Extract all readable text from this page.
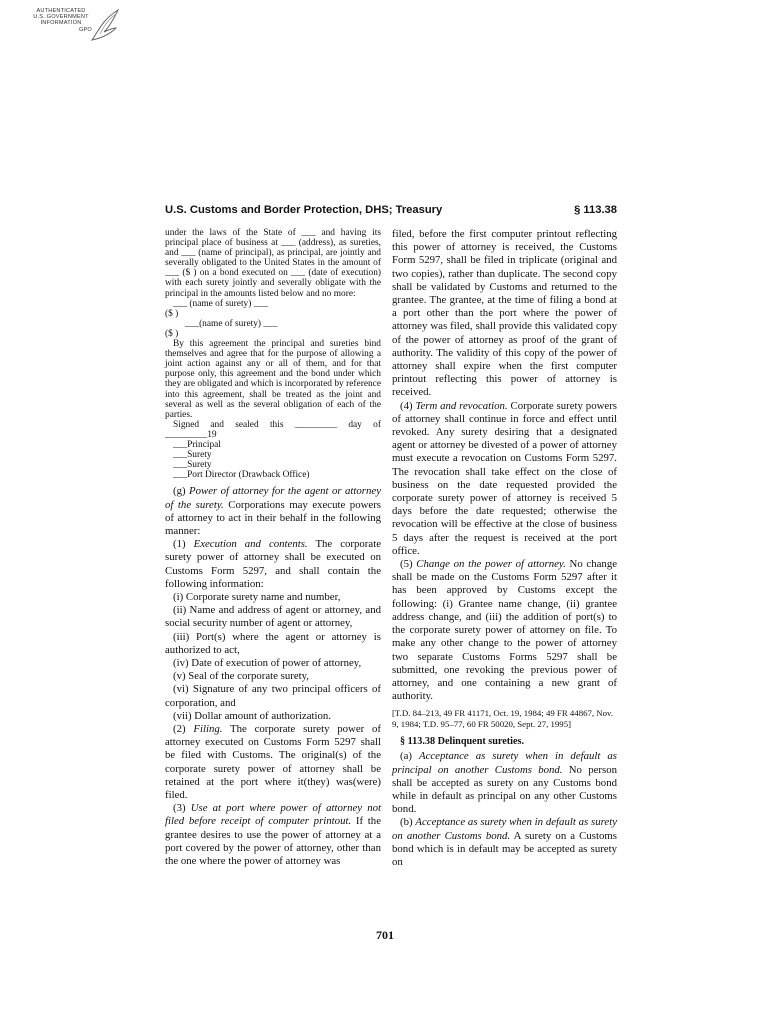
AUTHENTICATED
U.S. GOVERNMENT
INFORMATION
GPO
U.S. Customs and Border Protection, DHS; Treasury	§ 113.38

under the laws of the State of ___ and having its principal place of business at ___ (address), as sureties, and ___ (name of principal), as principal, are jointly and severally obligated to the United States in the amount of ___ ($ ) on a bond executed on ___ (date of execution) with each surety jointly and severally obligate with the principal in the amounts listed below and no more:

___ (name of surety) ___

($ )

___(name of surety) ___

($ )

By this agreement the principal and sureties bind themselves and agree that for the purpose of allowing a joint action against any or all of them, and for that purpose only, this agreement and the bond under which they are obligated and which is incorporated by reference into this agreement, shall be treated as the joint and several as well as the several obligation of each of the parties.

Signed and sealed this _________ day of _________19

___Principal

___Surety

___Surety

___Port Director (Drawback Office)

(g) Power of attorney for the agent or attorney of the surety. Corporations may execute powers of attorney to act in their behalf in the following manner:

(1) Execution and contents. The corporate surety power of attorney shall be executed on Customs Form 5297, and shall contain the following information:

(i) Corporate surety name and number,

(ii) Name and address of agent or attorney, and social security number of agent or attorney,

(iii) Port(s) where the agent or attorney is authorized to act,

(iv) Date of execution of power of attorney,

(v) Seal of the corporate surety,

(vi) Signature of any two principal officers of corporation, and

(vii) Dollar amount of authorization.

(2) Filing. The corporate surety power of attorney executed on Customs Form 5297 shall be filed with Customs. The original(s) of the corporate surety power of attorney shall be retained at the port where it(they) was(were) filed.

(3) Use at port where power of attorney not filed before receipt of computer printout. If the grantee desires to use the power of attorney at a port covered by the power of attorney, other than the one where the power of attorney was

filed, before the first computer printout reflecting this power of attorney is received, the Customs Form 5297, shall be filed in triplicate (original and two copies), rather than duplicate. The second copy shall be validated by Customs and returned to the grantee. The grantee, at the time of filing a bond at a port other than the port where the power of attorney was filed, shall provide this validated copy of the power of attorney as proof of the grant of authority. The validity of this copy of the power of attorney shall expire when the first computer printout reflecting this power of attorney is received.

(4) Term and revocation. Corporate surety powers of attorney shall continue in force and effect until revoked. Any surety desiring that a designated agent or attorney be divested of a power of attorney must execute a revocation on Customs Form 5297. The revocation shall take effect on the close of business on the date requested provided the corporate surety power of attorney is received 5 days before the date requested; otherwise the revocation will be effective at the close of business 5 days after the request is received at the port office.

(5) Change on the power of attorney. No change shall be made on the Customs Form 5297 after it has been approved by Customs except the following: (i) Grantee name change, (ii) grantee address change, and (iii) the addition of port(s) to the corporate surety power of attorney on file. To make any other change to the power of attorney two separate Customs Forms 5297 shall be submitted, one revoking the previous power of attorney, and one containing a new grant of authority.

[T.D. 84–213, 49 FR 41171, Oct. 19, 1984; 49 FR 44867, Nov. 9, 1984; T.D. 95–77, 60 FR 50020, Sept. 27, 1995]

§ 113.38 Delinquent sureties.

(a) Acceptance as surety when in default as principal on another Customs bond. No person shall be accepted as surety on any Customs bond while in default as principal on any other Customs bond.

(b) Acceptance as surety when in default as surety on another Customs bond. A surety on a Customs bond which is in default may be accepted as surety on

701
